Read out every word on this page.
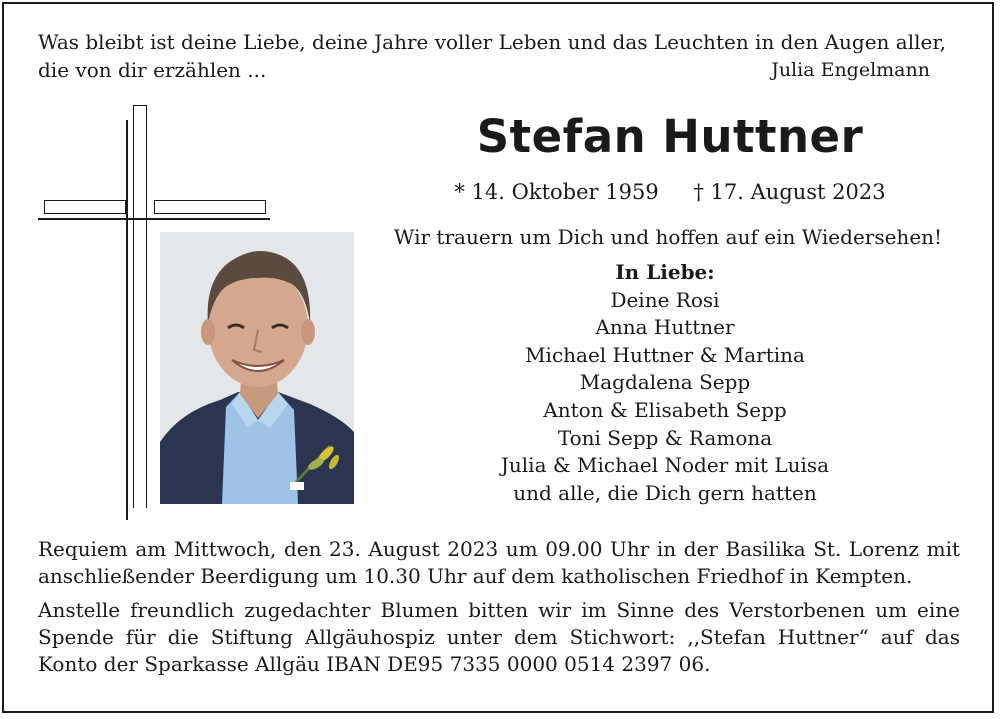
Was bleibt ist deine Liebe, deine Jahre voller Leben und das Leuchten in den Augen aller,
die von dir erzählen ...	Julia Engelmann
Stefan Huttner
* 14. Oktober 1959 † 17. August 2023
Wir trauern um Dich und hoffen auf ein Wiedersehen!
In Liebe:
Deine Rosi
Anna Huttner
Michael Huttner & Martina
Magdalena Sepp
Anton & Elisabeth Sepp
Toni Sepp & Ramona
Julia & Michael Noder mit Luisa
und alle, die Dich gern hatten
Requiem am Mittwoch, den 23. August 2023 um 09.00 Uhr in der Basilika St. Lorenz mit
anschließender Beerdigung um 10.30 Uhr auf dem katholischen Friedhof in Kempten.
Anstelle freundlich zugedachter Blumen bitten wir im Sinne des Verstorbenen um eine
Spende für die Stiftung Allgäuhospiz unter dem Stichwort: ,,Stefan Huttner“ auf das
Konto der Sparkasse Allgäu IBAN DE95 7335 0000 0514 2397 06.
